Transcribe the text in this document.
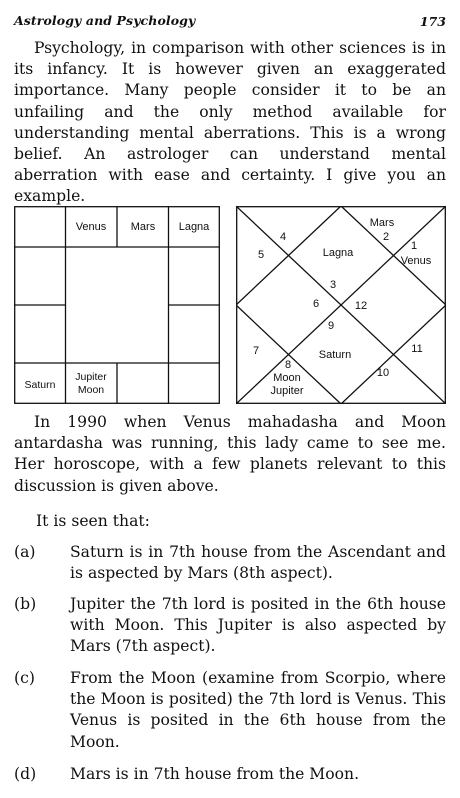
Astrology and Psychology	173
Psychology, in comparison with other sciences is in its infancy. It is however given an exaggerated importance. Many people consider it to be an unfailing and the only method available for understanding mental aberrations. This is a wrong belief. An astrologer can understand mental aberration with ease and certainty. I give you an example.
Venus Mars Lagna
Saturn
Jupiter
Moon
1
2
3
4
5
6
7
8
9
10
11
12
Lagna
Mars
Venus
Saturn
Moon
Jupiter
In 1990 when Venus mahadasha and Moon antardasha was running, this lady came to see me. Her horoscope, with a few planets relevant to this discussion is given above.
It is seen that:
(a)	Saturn is in 7th house from the Ascendant and is aspected by Mars (8th aspect).
(b)	Jupiter the 7th lord is posited in the 6th house with Moon. This Jupiter is also aspected by Mars (7th aspect).
(c)	From the Moon (examine from Scorpio, where the Moon is posited) the 7th lord is Venus. This Venus is posited in the 6th house from the Moon.
(d)	Mars is in 7th house from the Moon.
